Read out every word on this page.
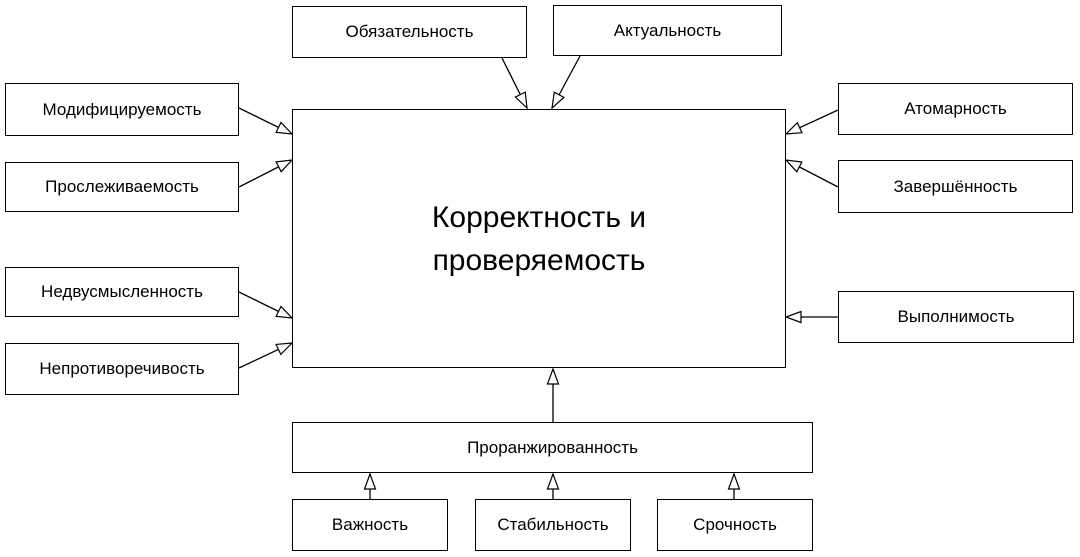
Корректность и
проверяемость
Обязательность	Актуальность
Модифицируемость
Прослеживаемость
Недвусмысленность
Непротиворечивость
Атомарность
Завершённость
Выполнимость
Проранжированность
Важность	Стабильность	Срочность
